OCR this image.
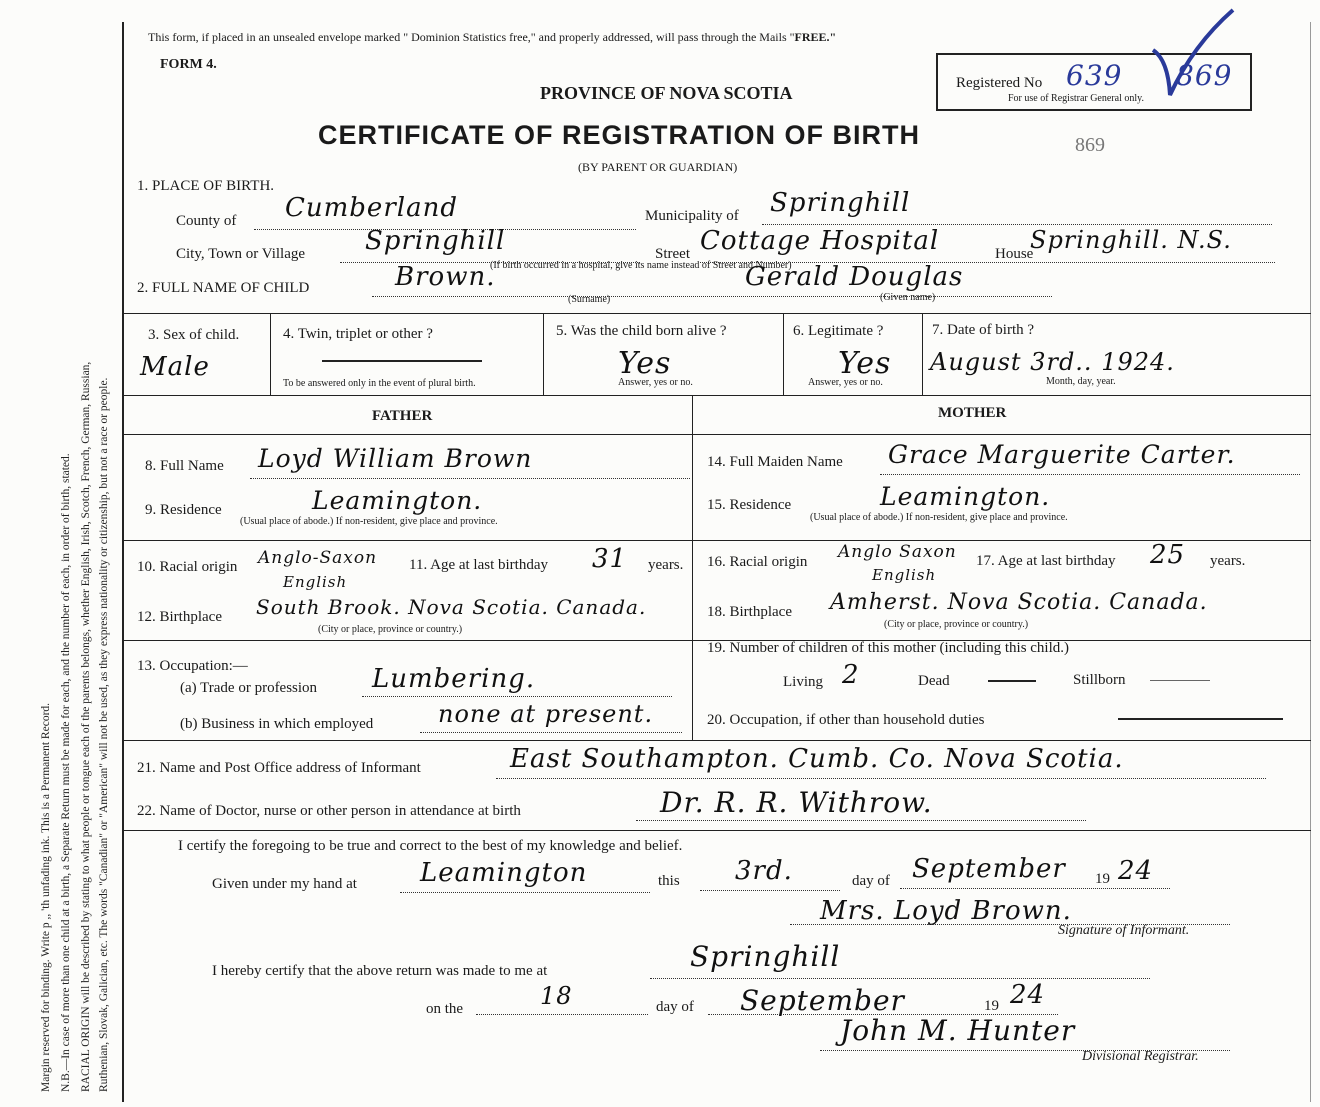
Margin reserved for binding. Write p ,, 'th unfading ink. This is a Permanent Record. N.B.—In case of more than one child at a birth, a Separate Return must be made for each, and the number of each, in order of birth, stated. RACIAL ORIGIN will be described by stating to what people or tongue each of the parents belongs, whether English, Irish, Scotch, French, German, Russian, Ruthenian, Slovak, Galician, etc. The words "Canadian" or "American" will not be used, as they express nationality or citizenship, but not a race or people.
This form, if placed in an unsealed envelope marked " Dominion Statistics free," and properly addressed, will pass through the Mails "FREE."
FORM 4.
PROVINCE OF NOVA SCOTIA
CERTIFICATE OF REGISTRATION OF BIRTH
(BY PARENT OR GUARDIAN)
869
Registered No 639 869
For use of Registrar General only.
1. PLACE OF BIRTH.
County of Cumberland	Municipality of Springhill
City, Town or Village Springhill	Street Cottage Hospital	House
Springhill. N.S.
(If birth occurred in a hospital, give its name instead of Street and Number)
2. FULL NAME OF CHILD	Brown.
(Surname)
Gerald Douglas
(Given name)
3. Sex of child.
Male
4. Twin, triplet or other ?
To be answered only in the event of plural birth.
5. Was the child born alive ?
Yes
Answer, yes or no.
6. Legitimate ?
Yes
Answer, yes or no.
7. Date of birth ?
August 3rd.. 1924.
Month, day, year.
FATHER	MOTHER
8. Full Name Loyd William Brown
9. Residence	Leamington.
(Usual place of abode.) If non-resident, give place and province.
10. Racial origin Anglo-Saxon
English
11. Age at last birthday 31 years.
12. Birthplace South Brook. Nova Scotia. Canada.
(City or place, province or country.)
13. Occupation:—
(a) Trade or profession Lumbering.
(b) Business in which employed	none at present.
14. Full Maiden Name Grace Marguerite Carter.
15. Residence	Leamington.
(Usual place of abode.) If non-resident, give place and province.
16. Racial origin Anglo Saxon
English
17. Age at last birthday 25 years.
18. Birthplace Amherst. Nova Scotia. Canada.
(City or place, province or country.)
19. Number of children of this mother (including this child.)
Living 2	Dead	Stillborn
20. Occupation, if other than household duties
21. Name and Post Office address of Informant	East Southampton. Cumb. Co. Nova Scotia.
22. Name of Doctor, nurse or other person in attendance at birth	Dr. R. R. Withrow.
I certify the foregoing to be true and correct to the best of my knowledge and belief.
Given under my hand at Leamington	this 3rd.	day of September 19 24
Mrs. Loyd Brown.
Signature of Informant.
I hereby certify that the above return was made to me at	Springhill
on the	18	day of September	19 24
John M. Hunter
Divisional Registrar.
